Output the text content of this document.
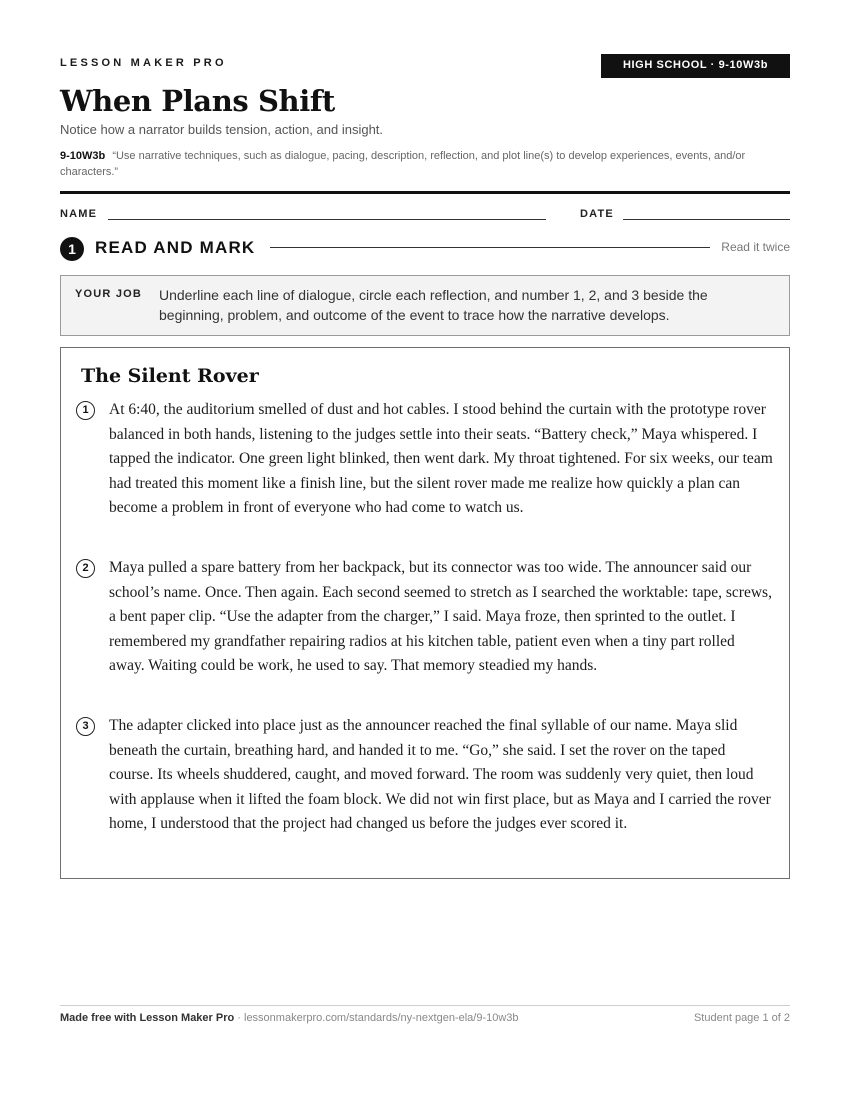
LESSON MAKER PRO	HIGH SCHOOL · 9-10W3b
When Plans Shift
Notice how a narrator builds tension, action, and insight.
9-10W3b “Use narrative techniques, such as dialogue, pacing, description, reflection, and plot line(s) to develop experiences, events, and/or characters.”
NAME	DATE
1	READ AND MARK	Read it twice
YOUR JOB Underline each line of dialogue, circle each reflection, and number 1, 2, and 3 beside the beginning, problem, and outcome of the event to trace how the narrative develops.
The Silent Rover
1	At 6:40, the auditorium smelled of dust and hot cables. I stood behind the curtain with the prototype rover balanced in both hands, listening to the judges settle into their seats. “Battery check,” Maya whispered. I tapped the indicator. One green light blinked, then went dark. My throat tightened. For six weeks, our team had treated this moment like a finish line, but the silent rover made me realize how quickly a plan can become a problem in front of everyone who had come to watch us.

2	Maya pulled a spare battery from her backpack, but its connector was too wide. The announcer said our school’s name. Once. Then again. Each second seemed to stretch as I searched the worktable: tape, screws, a bent paper clip. “Use the adapter from the charger,” I said. Maya froze, then sprinted to the outlet. I remembered my grandfather repairing radios at his kitchen table, patient even when a tiny part rolled away. Waiting could be work, he used to say. That memory steadied my hands.

3	The adapter clicked into place just as the announcer reached the final syllable of our name. Maya slid beneath the curtain, breathing hard, and handed it to me. “Go,” she said. I set the rover on the taped course. Its wheels shuddered, caught, and moved forward. The room was suddenly very quiet, then loud with applause when it lifted the foam block. We did not win first place, but as Maya and I carried the rover home, I understood that the project had changed us before the judges ever scored it.

Made free with Lesson Maker Pro · lessonmakerpro.com/standards/ny-nextgen-ela/9-10w3b	Student page 1 of 2
